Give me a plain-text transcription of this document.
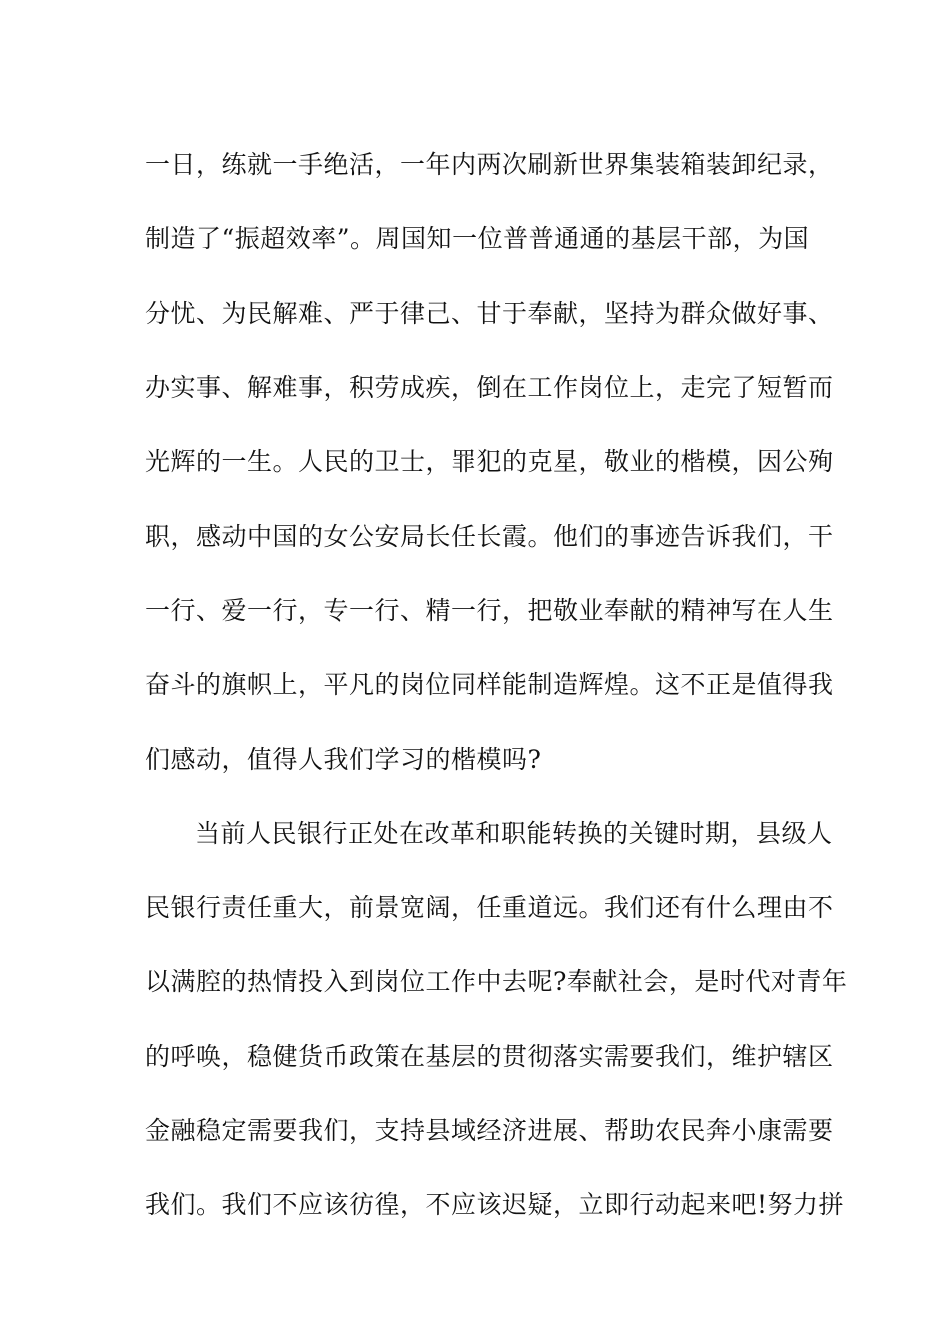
一日，练就一手绝活，一年内两次刷新世界集装箱装卸纪录，
制造了“振超效率”。周国知一位普普通通的基层干部，为国
分忧、为民解难、严于律己、甘于奉献，坚持为群众做好事、
办实事、解难事，积劳成疾，倒在工作岗位上，走完了短暂而
光辉的一生。人民的卫士，罪犯的克星，敬业的楷模，因公殉
职，感动中国的女公安局长任长霞。他们的事迹告诉我们，干
一行、爱一行，专一行、精一行，把敬业奉献的精神写在人生
奋斗的旗帜上，平凡的岗位同样能制造辉煌。这不正是值得我
们感动，值得人我们学习的楷模吗?
当前人民银行正处在改革和职能转换的关键时期，县级人
民银行责任重大，前景宽阔，任重道远。我们还有什么理由不
以满腔的热情投入到岗位工作中去呢?奉献社会，是时代对青年
的呼唤，稳健货币政策在基层的贯彻落实需要我们，维护辖区
金融稳定需要我们，支持县域经济进展、帮助农民奔小康需要
我们。我们不应该彷徨，不应该迟疑，立即行动起来吧!努力拼
